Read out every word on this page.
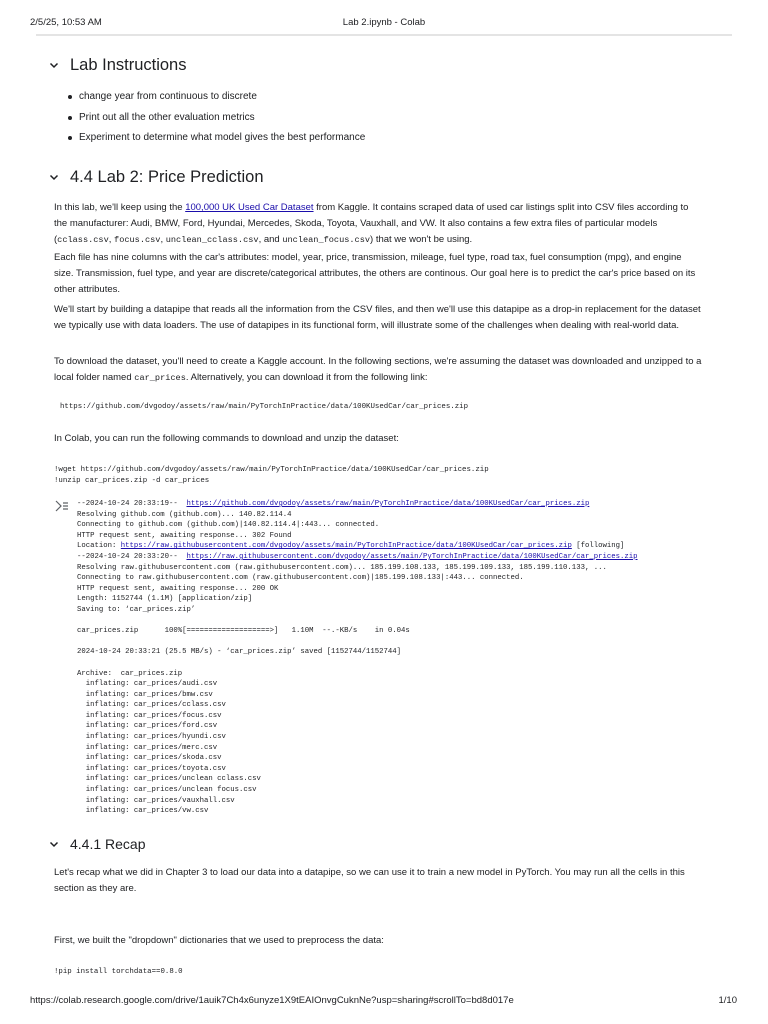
2/5/25, 10:53 AM	Lab 2.ipynb - Colab
Lab Instructions
change year from continuous to discrete
Print out all the other evaluation metrics
Experiment to determine what model gives the best performance
4.4 Lab 2: Price Prediction
In this lab, we'll keep using the 100,000 UK Used Car Dataset from Kaggle. It contains scraped data of used car listings split into CSV files according to the manufacturer: Audi, BMW, Ford, Hyundai, Mercedes, Skoda, Toyota, Vauxhall, and VW. It also contains a few extra files of particular models (cclass.csv, focus.csv, unclean_cclass.csv, and unclean_focus.csv) that we won't be using.
Each file has nine columns with the car's attributes: model, year, price, transmission, mileage, fuel type, road tax, fuel consumption (mpg), and engine size. Transmission, fuel type, and year are discrete/categorical attributes, the others are continous. Our goal here is to predict the car's price based on its other attributes.
We'll start by building a datapipe that reads all the information from the CSV files, and then we'll use this datapipe as a drop-in replacement for the dataset we typically use with data loaders. The use of datapipes in its functional form, will illustrate some of the challenges when dealing with real-world data.
To download the dataset, you'll need to create a Kaggle account. In the following sections, we're assuming the dataset was downloaded and unzipped to a local folder named car_prices. Alternatively, you can download it from the following link:
https://github.com/dvgodoy/assets/raw/main/PyTorchInPractice/data/100KUsedCar/car_prices.zip
In Colab, you can run the following commands to download and unzip the dataset:
!wget https://github.com/dvgodoy/assets/raw/main/PyTorchInPractice/data/100KUsedCar/car_prices.zip
!unzip car_prices.zip -d car_prices
--2024-10-24 20:33:19--  https://github.com/dvgodoy/assets/raw/main/PyTorchInPractice/data/100KUsedCar/car_prices.zip
Resolving github.com (github.com)... 140.82.114.4
Connecting to github.com (github.com)|140.82.114.4|:443... connected.
HTTP request sent, awaiting response... 302 Found
Location: https://raw.githubusercontent.com/dvgodoy/assets/main/PyTorchInPractice/data/100KUsedCar/car_prices.zip [following]
--2024-10-24 20:33:20--  https://raw.githubusercontent.com/dvgodoy/assets/main/PyTorchInPractice/data/100KUsedCar/car_prices.zip
Resolving raw.githubusercontent.com (raw.githubusercontent.com)... 185.199.108.133, 185.199.109.133, 185.199.110.133, ...
Connecting to raw.githubusercontent.com (raw.githubusercontent.com)|185.199.108.133|:443... connected.
HTTP request sent, awaiting response... 200 OK
Length: 1152744 (1.1M) [application/zip]
Saving to: ‘car_prices.zip’
car_prices.zip      100%[===================>]   1.10M  --.-KB/s    in 0.04s
2024-10-24 20:33:21 (25.5 MB/s) - ‘car_prices.zip’ saved [1152744/1152744]
Archive:  car_prices.zip
inflating: car_prices/audi.csv
inflating: car_prices/bmw.csv
inflating: car_prices/cclass.csv
inflating: car_prices/focus.csv
inflating: car_prices/ford.csv
inflating: car_prices/hyundi.csv
inflating: car_prices/merc.csv
inflating: car_prices/skoda.csv
inflating: car_prices/toyota.csv
inflating: car_prices/unclean cclass.csv
inflating: car_prices/unclean focus.csv
inflating: car_prices/vauxhall.csv
inflating: car_prices/vw.csv
4.4.1 Recap
Let's recap what we did in Chapter 3 to load our data into a datapipe, so we can use it to train a new model in PyTorch. You may run all the cells in this section as they are.
First, we built the "dropdown" dictionaries that we used to preprocess the data:
!pip install torchdata==0.8.0
https://colab.research.google.com/drive/1auik7Ch4x6unyze1X9tEAIOnvgCuknNe?usp=sharing#scrollTo=bd8d017e	1/10
